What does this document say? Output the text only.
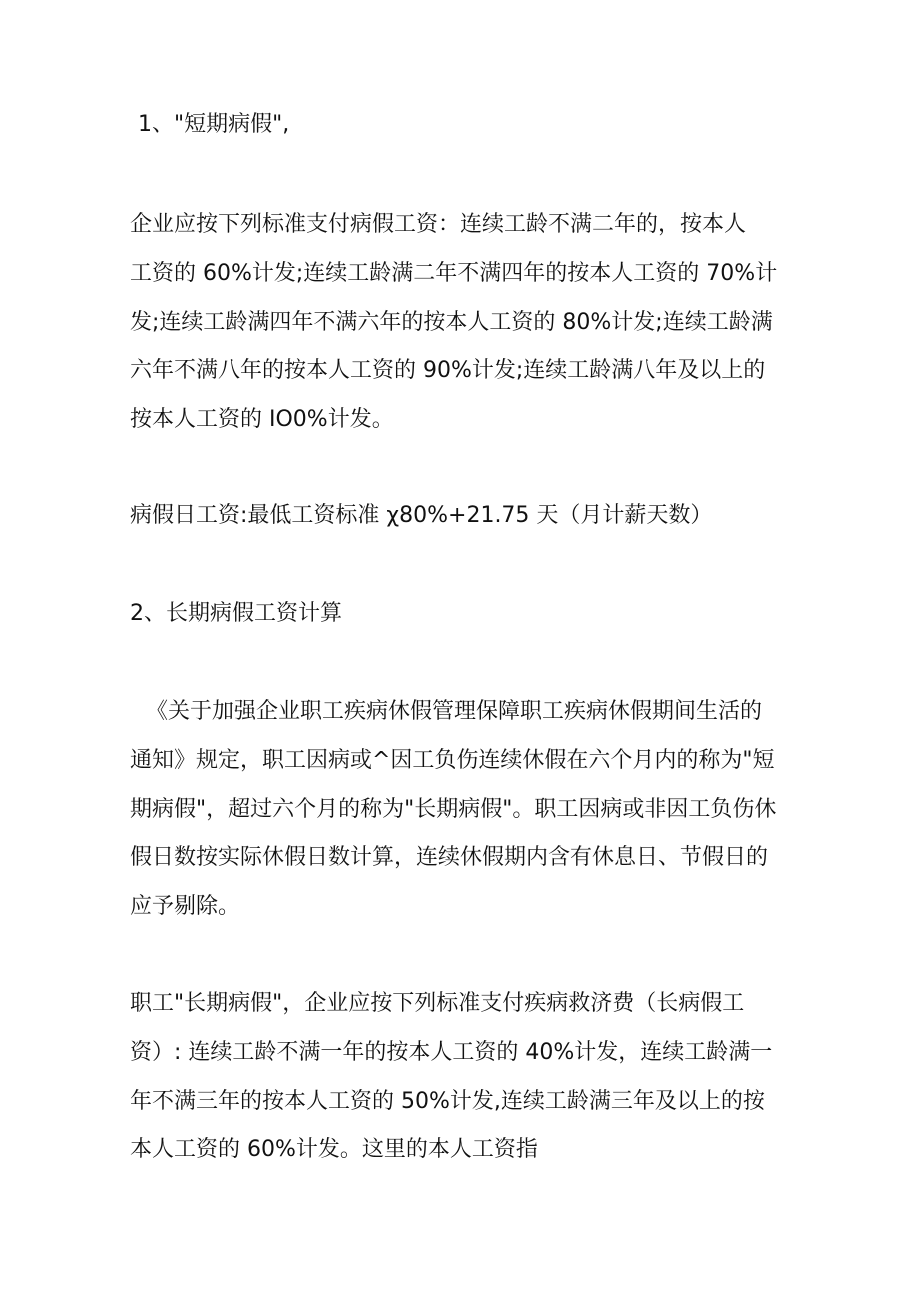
1、"短期病假",
企业应按下列标准支付病假工资：连续工龄不满二年的，按本人
工资的 60%计发;连续工龄满二年不满四年的按本人工资的 70%计
发;连续工龄满四年不满六年的按本人工资的 80%计发;连续工龄满
六年不满八年的按本人工资的 90%计发;连续工龄满八年及以上的
按本人工资的 IO0%计发。
病假日工资:最低工资标准 χ80%+21.75 天（月计薪天数）
2、长期病假工资计算
《关于加强企业职工疾病休假管理保障职工疾病休假期间生活的
通知》规定，职工因病或^因工负伤连续休假在六个月内的称为"短
期病假"，超过六个月的称为"长期病假"。职工因病或非因工负伤休
假日数按实际休假日数计算，连续休假期内含有休息日、节假日的
应予剔除。
职工"长期病假"，企业应按下列标准支付疾病救济费（长病假工
资）: 连续工龄不满一年的按本人工资的 40%计发，连续工龄满一
年不满三年的按本人工资的 50%计发,连续工龄满三年及以上的按
本人工资的 60%计发。这里的本人工资指
